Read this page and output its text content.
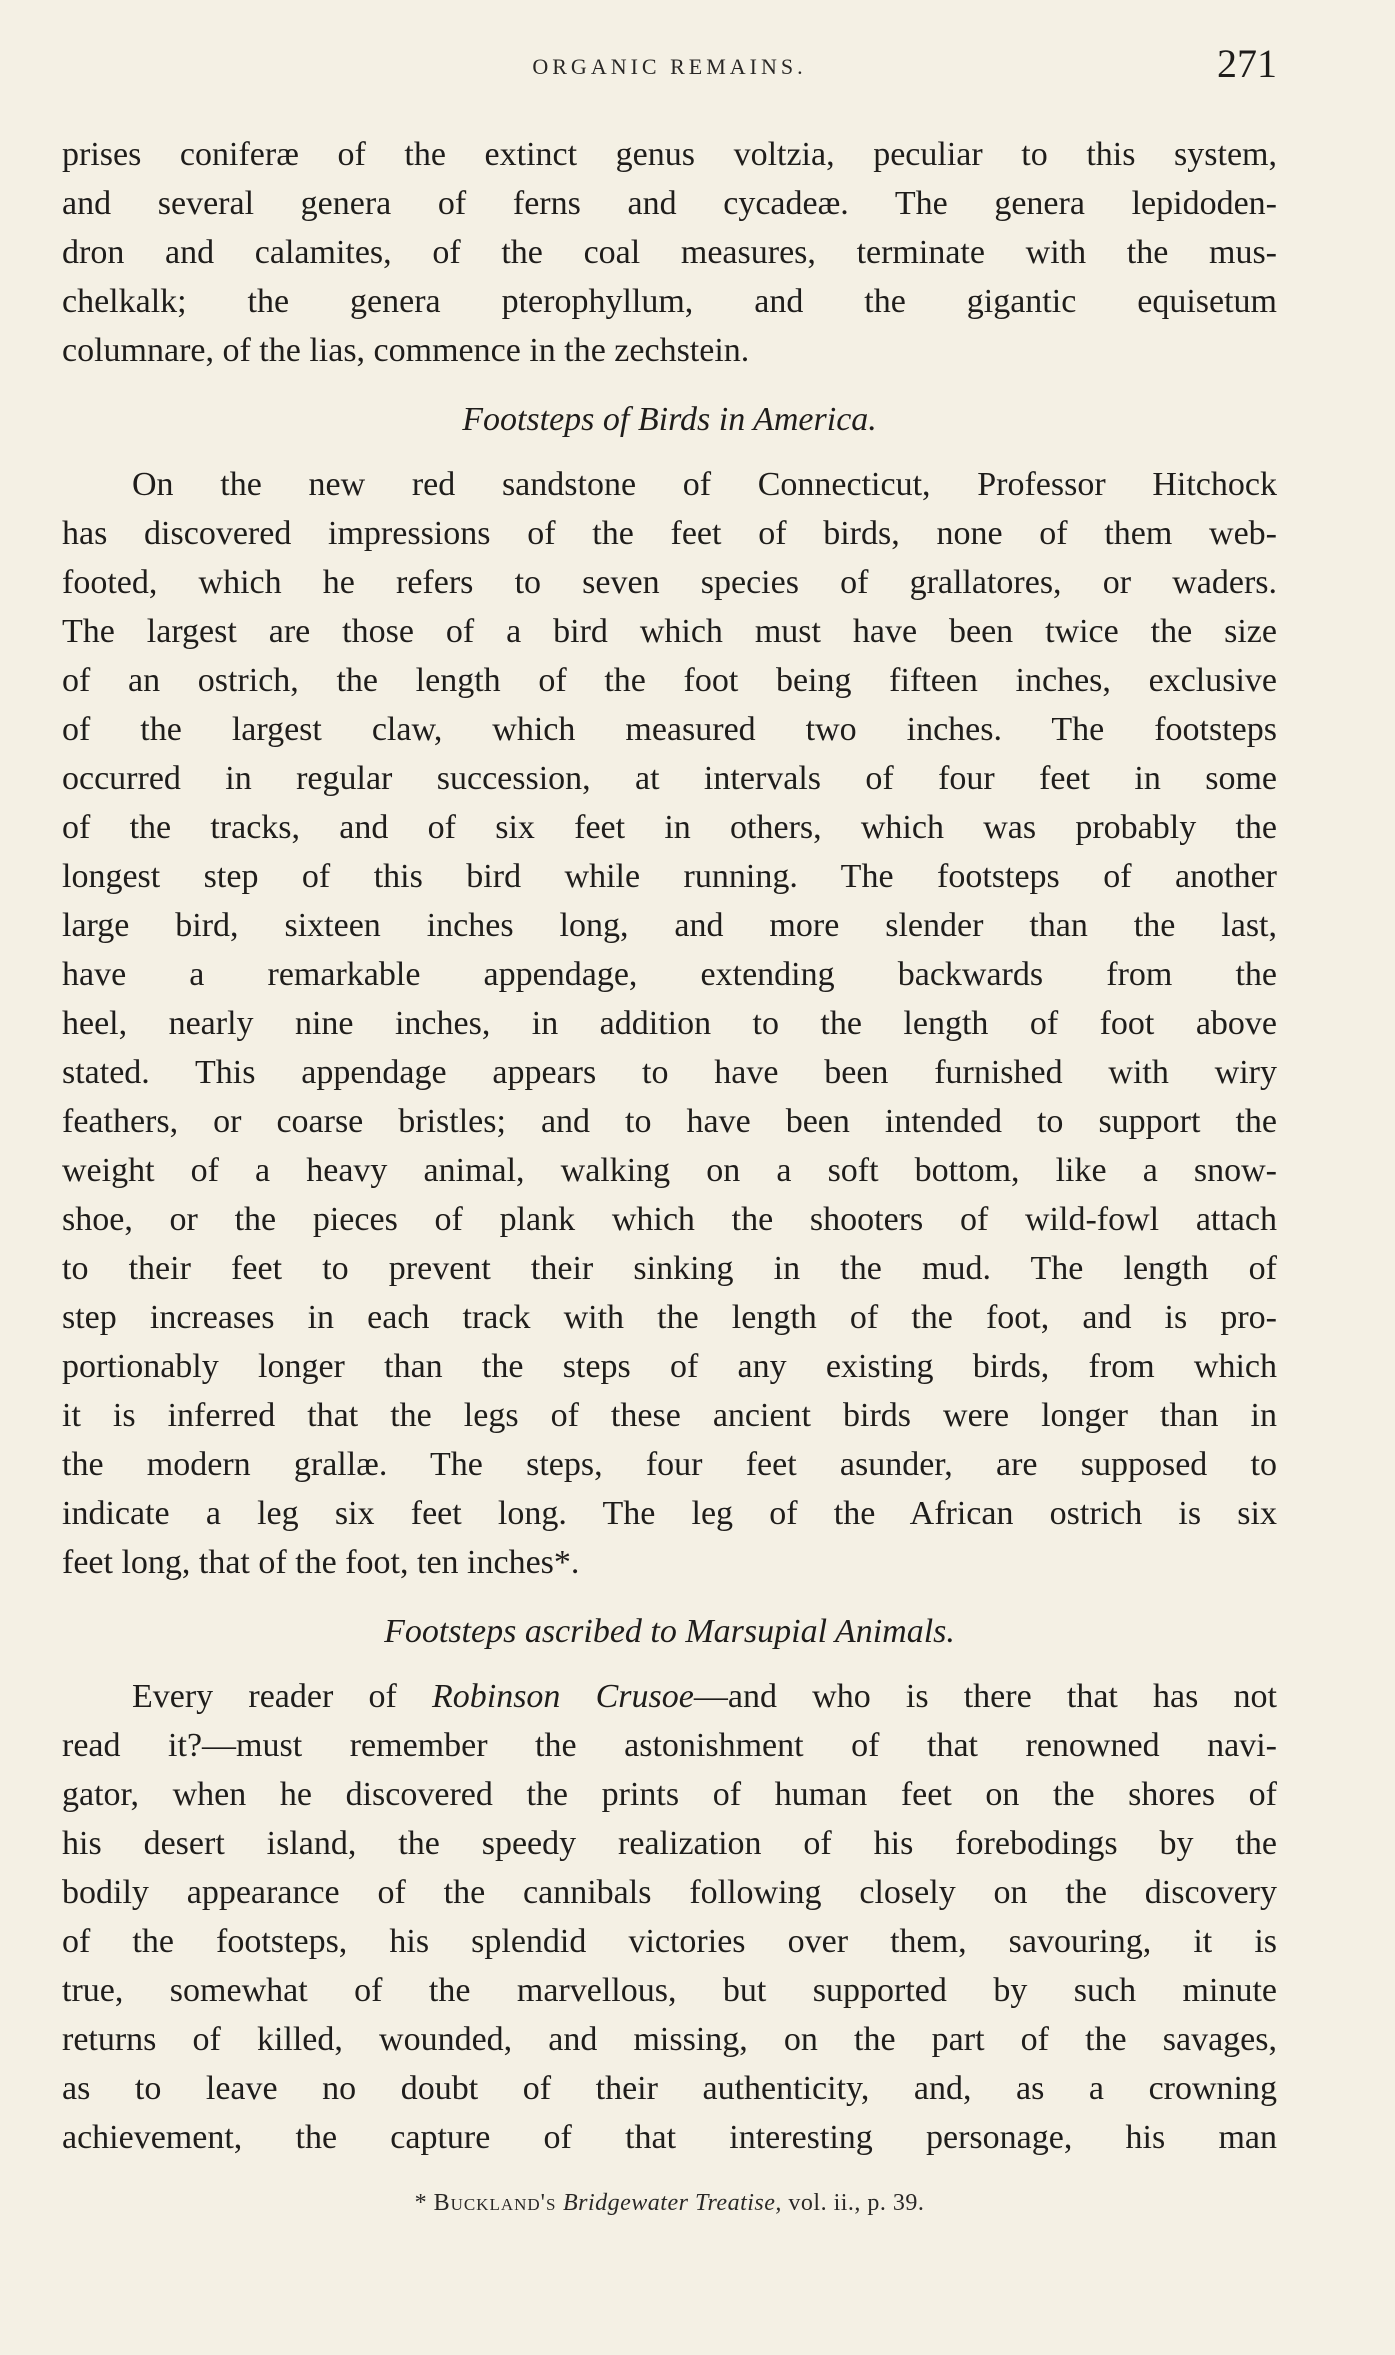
ORGANIC REMAINS.	271
prises coniferæ of the extinct genus voltzia, peculiar to this system,
and several genera of ferns and cycadeæ. The genera lepidoden-
dron and calamites, of the coal measures, terminate with the mus-
chelkalk; the genera pterophyllum, and the gigantic equisetum
columnare, of the lias, commence in the zechstein.
Footsteps of Birds in America.
On the new red sandstone of Connecticut, Professor Hitchock
has discovered impressions of the feet of birds, none of them web-
footed, which he refers to seven species of grallatores, or waders.
The largest are those of a bird which must have been twice the size
of an ostrich, the length of the foot being fifteen inches, exclusive
of the largest claw, which measured two inches. The footsteps
occurred in regular succession, at intervals of four feet in some
of the tracks, and of six feet in others, which was probably the
longest step of this bird while running. The footsteps of another
large bird, sixteen inches long, and more slender than the last,
have a remarkable appendage, extending backwards from the
heel, nearly nine inches, in addition to the length of foot above
stated. This appendage appears to have been furnished with wiry
feathers, or coarse bristles; and to have been intended to support the
weight of a heavy animal, walking on a soft bottom, like a snow-
shoe, or the pieces of plank which the shooters of wild-fowl attach
to their feet to prevent their sinking in the mud. The length of
step increases in each track with the length of the foot, and is pro-
portionably longer than the steps of any existing birds, from which
it is inferred that the legs of these ancient birds were longer than in
the modern grallæ. The steps, four feet asunder, are supposed to
indicate a leg six feet long. The leg of the African ostrich is six
feet long, that of the foot, ten inches*.
Footsteps ascribed to Marsupial Animals.
Every reader of Robinson Crusoe—and who is there that has not
read it?—must remember the astonishment of that renowned navi-
gator, when he discovered the prints of human feet on the shores of
his desert island, the speedy realization of his forebodings by the
bodily appearance of the cannibals following closely on the discovery
of the footsteps, his splendid victories over them, savouring, it is
true, somewhat of the marvellous, but supported by such minute
returns of killed, wounded, and missing, on the part of the savages,
as to leave no doubt of their authenticity, and, as a crowning
achievement, the capture of that interesting personage, his man
* Buckland's Bridgewater Treatise, vol. ii., p. 39.
